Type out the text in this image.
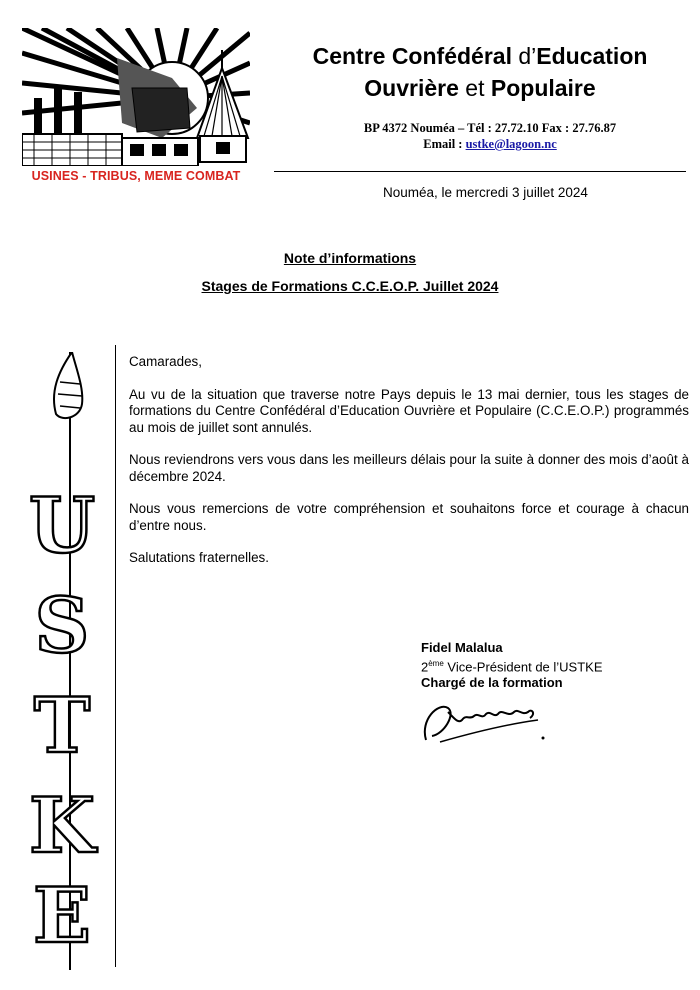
USINES - TRIBUS, MEME COMBAT
Centre Confédéral d’Education
Ouvrière et Populaire
BP 4372 Nouméa – Tél : 27.72.10 Fax : 27.76.87
Email : ustke@lagoon.nc
Nouméa, le mercredi 3 juillet 2024
Note d’informations
Stages de Formations C.C.E.O.P. Juillet 2024
U
S
T
K
E

Camarades,

Au vu de la situation que traverse notre Pays depuis le 13 mai dernier, tous les stages de formations du Centre Confédéral d’Education Ouvrière et Populaire (C.C.E.O.P.) programmés au mois de juillet sont annulés.

Nous reviendrons vers vous dans les meilleurs délais pour la suite à donner des mois d’août à décembre 2024.

Nous vous remercions de votre compréhension et souhaitons force et courage à chacun d’entre nous.

Salutations fraternelles.

Fidel Malalua
2ème Vice-Président de l’USTKE
Chargé de la formation
